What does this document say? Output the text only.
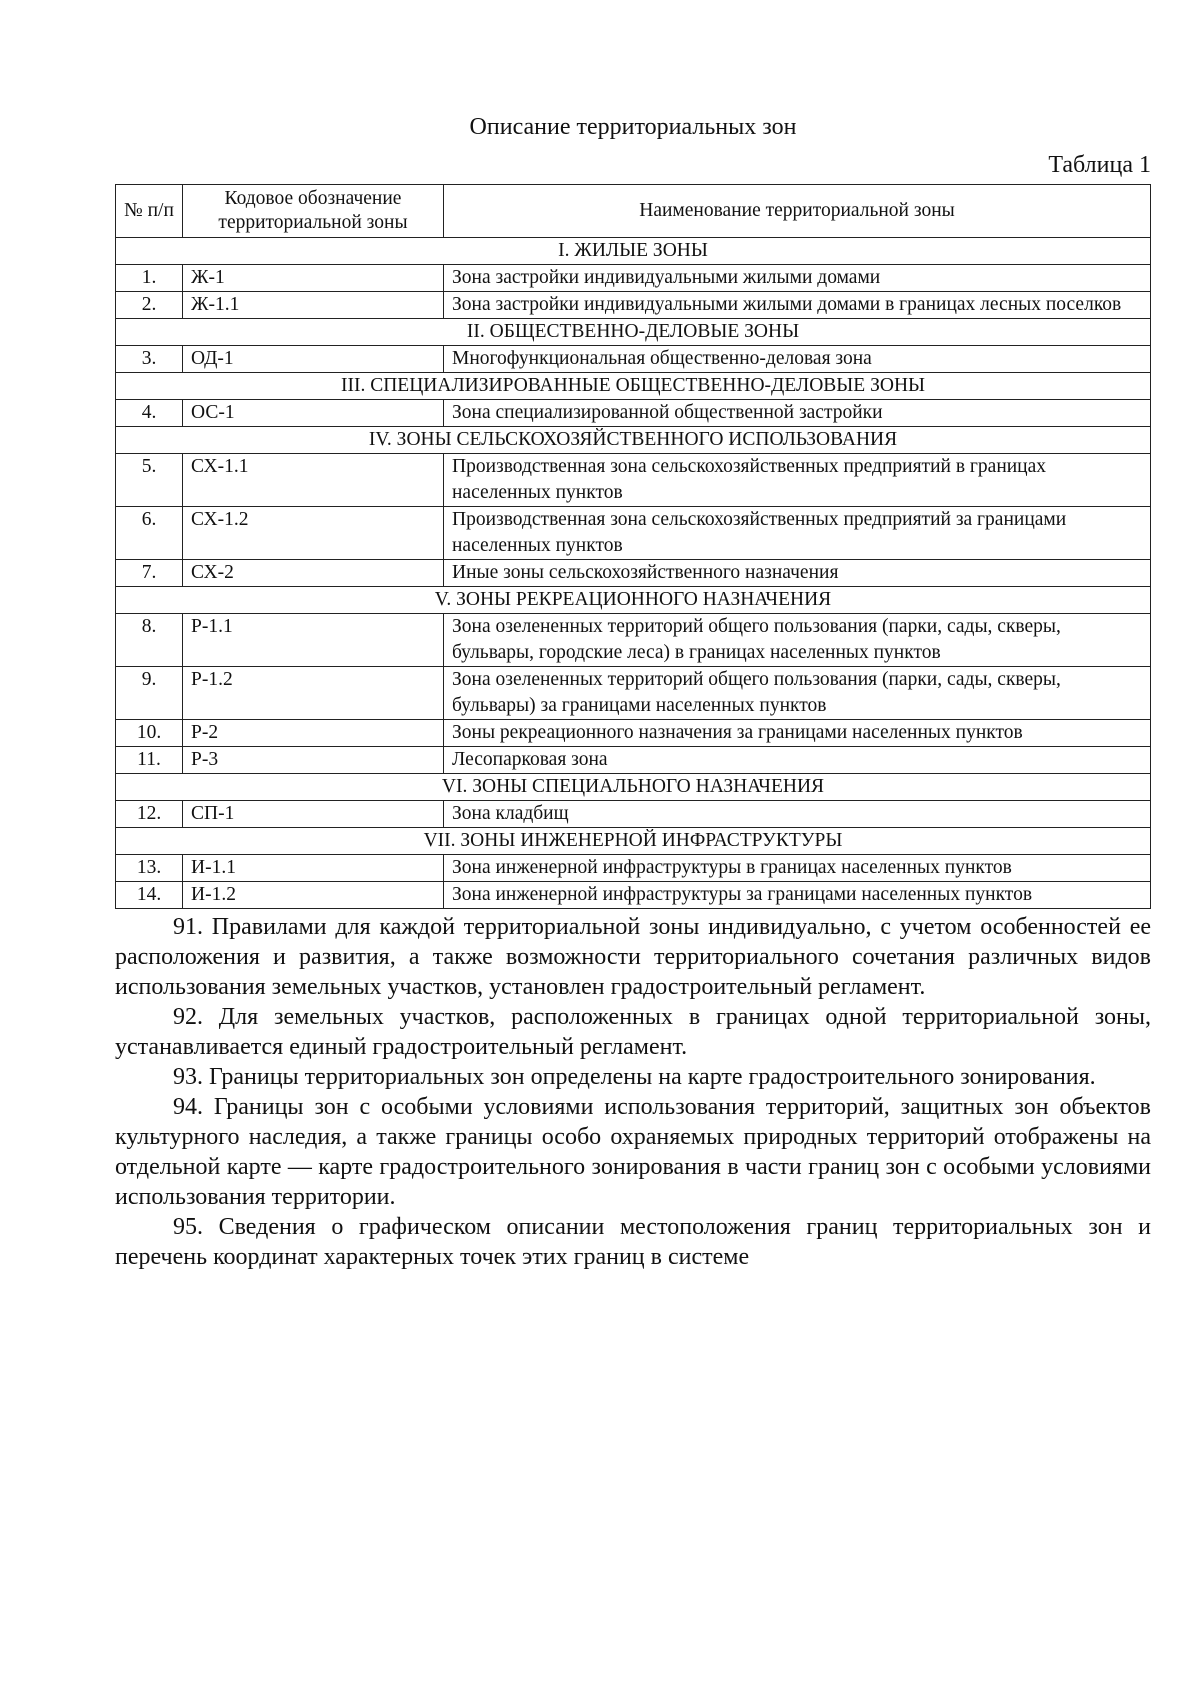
Описание территориальных зон
Таблица 1
№ п/п	Кодовое обозначение территориальной зоны	Наименование территориальной зоны
I. ЖИЛЫЕ ЗОНЫ		
1.	Ж-1	Зона застройки индивидуальными жилыми домами
2.	Ж-1.1	Зона застройки индивидуальными жилыми домами в границах лесных поселков
II. ОБЩЕСТВЕННО-ДЕЛОВЫЕ ЗОНЫ		
3.	ОД-1	Многофункциональная общественно-деловая зона
III. СПЕЦИАЛИЗИРОВАННЫЕ ОБЩЕСТВЕННО-ДЕЛОВЫЕ ЗОНЫ		
4.	ОС-1	Зона специализированной общественной застройки
IV. ЗОНЫ СЕЛЬСКОХОЗЯЙСТВЕННОГО ИСПОЛЬЗОВАНИЯ		
5.	СХ-1.1	Производственная зона сельскохозяйственных предприятий в границах населенных пунктов
6.	СХ-1.2	Производственная зона сельскохозяйственных предприятий за границами населенных пунктов
7.	СХ-2	Иные зоны сельскохозяйственного назначения
V. ЗОНЫ РЕКРЕАЦИОННОГО НАЗНАЧЕНИЯ		
8.	Р-1.1	Зона озелененных территорий общего пользования (парки, сады, скверы, бульвары, городские леса) в границах населенных пунктов
9.	Р-1.2	Зона озелененных территорий общего пользования (парки, сады, скверы, бульвары) за границами населенных пунктов
10.	Р-2	Зоны рекреационного назначения за границами населенных пунктов
11.	Р-3	Лесопарковая зона
VI. ЗОНЫ СПЕЦИАЛЬНОГО НАЗНАЧЕНИЯ		
12.	СП-1	Зона кладбищ
VII. ЗОНЫ ИНЖЕНЕРНОЙ ИНФРАСТРУКТУРЫ		
13.	И-1.1	Зона инженерной инфраструктуры в границах населенных пунктов
14.	И-1.2	Зона инженерной инфраструктуры за границами населенных пунктов

91. Правилами для каждой территориальной зоны индивидуально, с учетом особенностей ее расположения и развития, а также возможности территориального сочетания различных видов использования земельных участков, установлен градостроительный регламент.

92. Для земельных участков, расположенных в границах одной территориальной зоны, устанавливается единый градостроительный регламент.

93. Границы территориальных зон определены на карте градостроительного зонирования.

94. Границы зон с особыми условиями использования территорий, защитных зон объектов культурного наследия, а также границы особо охраняемых природных территорий отображены на отдельной карте — карте градостроительного зонирования в части границ зон с особыми условиями использования территории.

95. Сведения о графическом описании местоположения границ территориальных зон и перечень координат характерных точек этих границ в системе
